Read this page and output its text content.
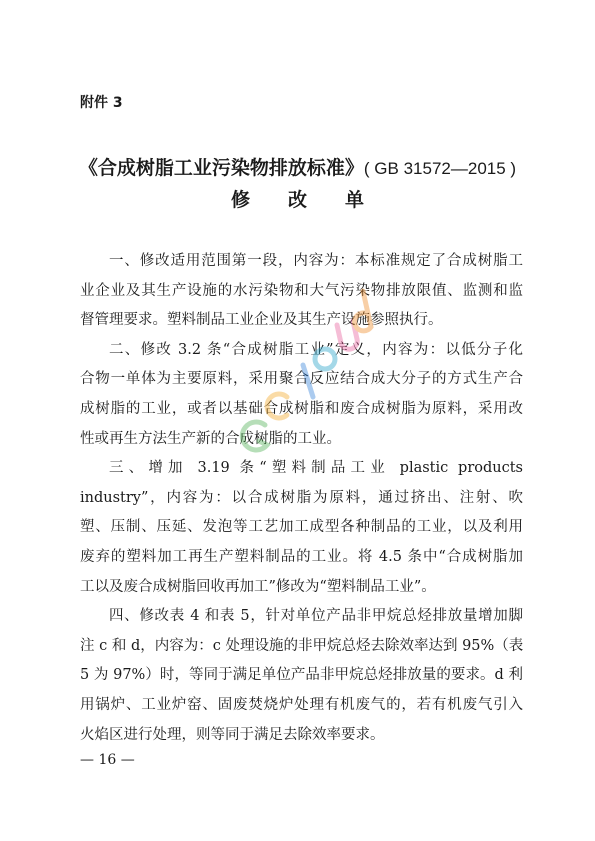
附件 3
《合成树脂工业污染物排放标准》( GB 31572—2015 )
修改单
一、修改适用范围第一段，内容为：本标准规定了合成树脂工
业企业及其生产设施的水污染物和大气污染物排放限值、监测和监
督管理要求。塑料制品工业企业及其生产设施参照执行。
二、修改 3.2 条“合成树脂工业”定义，内容为：以低分子化
合物一单体为主要原料，采用聚合反应结合成大分子的方式生产合
成树脂的工业，或者以基础合成树脂和废合成树脂为原料，采用改
性或再生方法生产新的合成树脂的工业。
三、增加 3.19 条“塑料制品工业 plastic products
industry”，内容为：以合成树脂为原料，通过挤出、注射、吹
塑、压制、压延、发泡等工艺加工成型各种制品的工业，以及利用
废弃的塑料加工再生产塑料制品的工业。将 4.5 条中“合成树脂加
工以及废合成树脂回收再加工”修改为“塑料制品工业”。
四、修改表 4 和表 5，针对单位产品非甲烷总烃排放量增加脚
注 c 和 d，内容为：c 处理设施的非甲烷总烃去除效率达到 95%（表
5 为 97%）时，等同于满足单位产品非甲烷总烃排放量的要求。d 利
用锅炉、工业炉窑、固废焚烧炉处理有机废气的，若有机废气引入
火焰区进行处理，则等同于满足去除效率要求。
— 16 —
